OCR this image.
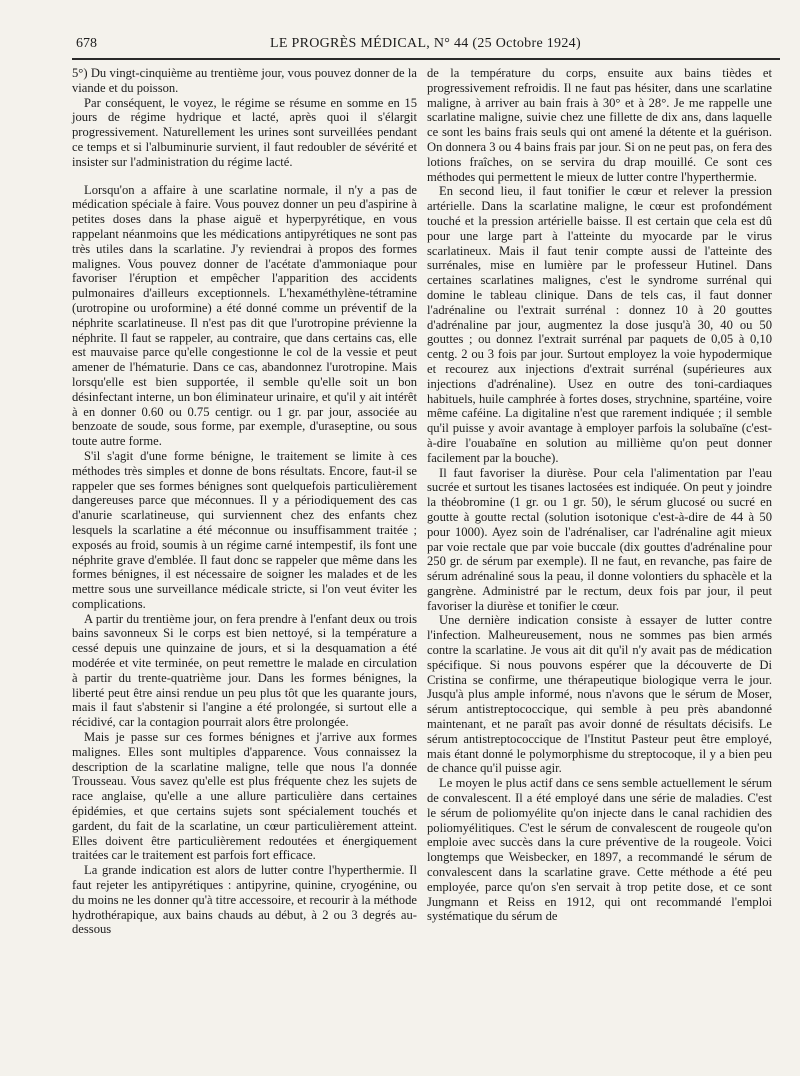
678	LE PROGRÈS MÉDICAL, N° 44 (25 Octobre 1924)

5°) Du vingt-cinquième au trentième jour, vous pouvez donner de la viande et du poisson.

Par conséquent, le voyez, le régime se résume en somme en 15 jours de régime hydrique et lacté, après quoi il s'élargit progressivement. Naturellement les urines sont surveillées pendant ce temps et si l'albuminurie survient, il faut redoubler de sévérité et insister sur l'administration du régime lacté.

Lorsqu'on a affaire à une scarlatine normale, il n'y a pas de médication spéciale à faire. Vous pouvez donner un peu d'aspirine à petites doses dans la phase aiguë et hyperpyrétique, en vous rappelant néanmoins que les médications antipyrétiques ne sont pas très utiles dans la scarlatine. J'y reviendrai à propos des formes malignes. Vous pouvez donner de l'acétate d'ammoniaque pour favoriser l'éruption et empêcher l'apparition des accidents pulmonaires d'ailleurs exceptionnels. L'hexaméthylène-tétramine (urotropine ou uroformine) a été donné comme un préventif de la néphrite scarlatineuse. Il n'est pas dit que l'urotropine prévienne la néphrite. Il faut se rappeler, au contraire, que dans certains cas, elle est mauvaise parce qu'elle congestionne le col de la vessie et peut amener de l'hématurie. Dans ce cas, abandonnez l'urotropine. Mais lorsqu'elle est bien supportée, il semble qu'elle soit un bon désinfectant interne, un bon éliminateur urinaire, et qu'il y ait intérêt à en donner 0.60 ou 0.75 centigr. ou 1 gr. par jour, associée au benzoate de soude, sous forme, par exemple, d'uraseptine, ou sous toute autre forme.

S'il s'agit d'une forme bénigne, le traitement se limite à ces méthodes très simples et donne de bons résultats. Encore, faut-il se rappeler que ses formes bénignes sont quelquefois particulièrement dangereuses parce que méconnues. Il y a périodiquement des cas d'anurie scarlatineuse, qui surviennent chez des enfants chez lesquels la scarlatine a été méconnue ou insuffisamment traitée ; exposés au froid, soumis à un régime carné intempestif, ils font une néphrite grave d'emblée. Il faut donc se rappeler que même dans les formes bénignes, il est nécessaire de soigner les malades et de les mettre sous une surveillance médicale stricte, si l'on veut éviter les complications.

A partir du trentième jour, on fera prendre à l'enfant deux ou trois bains savonneux Si le corps est bien nettoyé, si la température a cessé depuis une quinzaine de jours, et si la desquamation a été modérée et vite terminée, on peut remettre le malade en circulation à partir du trente-quatrième jour. Dans les formes bénignes, la liberté peut être ainsi rendue un peu plus tôt que les quarante jours, mais il faut s'abstenir si l'angine a été prolongée, si surtout elle a récidivé, car la contagion pourrait alors être prolongée.

Mais je passe sur ces formes bénignes et j'arrive aux formes malignes. Elles sont multiples d'apparence. Vous connaissez la description de la scarlatine maligne, telle que nous l'a donnée Trousseau. Vous savez qu'elle est plus fréquente chez les sujets de race anglaise, qu'elle a une allure particulière dans certaines épidémies, et que certains sujets sont spécialement touchés et gardent, du fait de la scarlatine, un cœur particulièrement atteint. Elles doivent être particulièrement redoutées et énergiquement traitées car le traitement est parfois fort efficace.

La grande indication est alors de lutter contre l'hyperthermie. Il faut rejeter les antipyrétiques : antipyrine, quinine, cryogénine, ou du moins ne les donner qu'à titre accessoire, et recourir à la méthode hydrothérapique, aux bains chauds au début, à 2 ou 3 degrés au-dessous

de la température du corps, ensuite aux bains tièdes et progressivement refroidis. Il ne faut pas hésiter, dans une scarlatine maligne, à arriver au bain frais à 30° et à 28°. Je me rappelle une scarlatine maligne, suivie chez une fillette de dix ans, dans laquelle ce sont les bains frais seuls qui ont amené la détente et la guérison. On donnera 3 ou 4 bains frais par jour. Si on ne peut pas, on fera des lotions fraîches, on se servira du drap mouillé. Ce sont ces méthodes qui permettent le mieux de lutter contre l'hyperthermie.

En second lieu, il faut tonifier le cœur et relever la pression artérielle. Dans la scarlatine maligne, le cœur est profondément touché et la pression artérielle baisse. Il est certain que cela est dû pour une large part à l'atteinte du myocarde par le virus scarlatineux. Mais il faut tenir compte aussi de l'atteinte des surrénales, mise en lumière par le professeur Hutinel. Dans certaines scarlatines malignes, c'est le syndrome surrénal qui domine le tableau clinique. Dans de tels cas, il faut donner l'adrénaline ou l'extrait surrénal : donnez 10 à 20 gouttes d'adrénaline par jour, augmentez la dose jusqu'à 30, 40 ou 50 gouttes ; ou donnez l'extrait surrénal par paquets de 0,05 à 0,10 centg. 2 ou 3 fois par jour. Surtout employez la voie hypodermique et recourez aux injections d'extrait surrénal (supérieures aux injections d'adrénaline). Usez en outre des toni-cardiaques habituels, huile camphrée à fortes doses, strychnine, spartéine, voire même caféine. La digitaline n'est que rarement indiquée ; il semble qu'il puisse y avoir avantage à employer parfois la solubaïne (c'est-à-dire l'ouabaïne en solution au millième qu'on peut donner facilement par la bouche).

Il faut favoriser la diurèse. Pour cela l'alimentation par l'eau sucrée et surtout les tisanes lactosées est indiquée. On peut y joindre la théobromine (1 gr. ou 1 gr. 50), le sérum glucosé ou sucré en goutte à goutte rectal (solution isotonique c'est-à-dire de 44 à 50 pour 1000). Ayez soin de l'adrénaliser, car l'adrénaline agit mieux par voie rectale que par voie buccale (dix gouttes d'adrénaline pour 250 gr. de sérum par exemple). Il ne faut, en revanche, pas faire de sérum adrénaliné sous la peau, il donne volontiers du sphacèle et la gangrène. Administré par le rectum, deux fois par jour, il peut favoriser la diurèse et tonifier le cœur.

Une dernière indication consiste à essayer de lutter contre l'infection. Malheureusement, nous ne sommes pas bien armés contre la scarlatine. Je vous ait dit qu'il n'y avait pas de médication spécifique. Si nous pouvons espérer que la découverte de Di Cristina se confirme, une thérapeutique biologique verra le jour. Jusqu'à plus ample informé, nous n'avons que le sérum de Moser, sérum antistreptococcique, qui semble à peu près abandonné maintenant, et ne paraît pas avoir donné de résultats décisifs. Le sérum antistreptococcique de l'Institut Pasteur peut être employé, mais étant donné le polymorphisme du streptocoque, il y a bien peu de chance qu'il puisse agir.

Le moyen le plus actif dans ce sens semble actuellement le sérum de convalescent. Il a été employé dans une série de maladies. C'est le sérum de poliomyélite qu'on injecte dans le canal rachidien des poliomyélitiques. C'est le sérum de convalescent de rougeole qu'on emploie avec succès dans la cure préventive de la rougeole. Voici longtemps que Weisbecker, en 1897, a recommandé le sérum de convalescent dans la scarlatine grave. Cette méthode a été peu employée, parce qu'on s'en servait à trop petite dose, et ce sont Jungmann et Reiss en 1912, qui ont recommandé l'emploi systématique du sérum de
